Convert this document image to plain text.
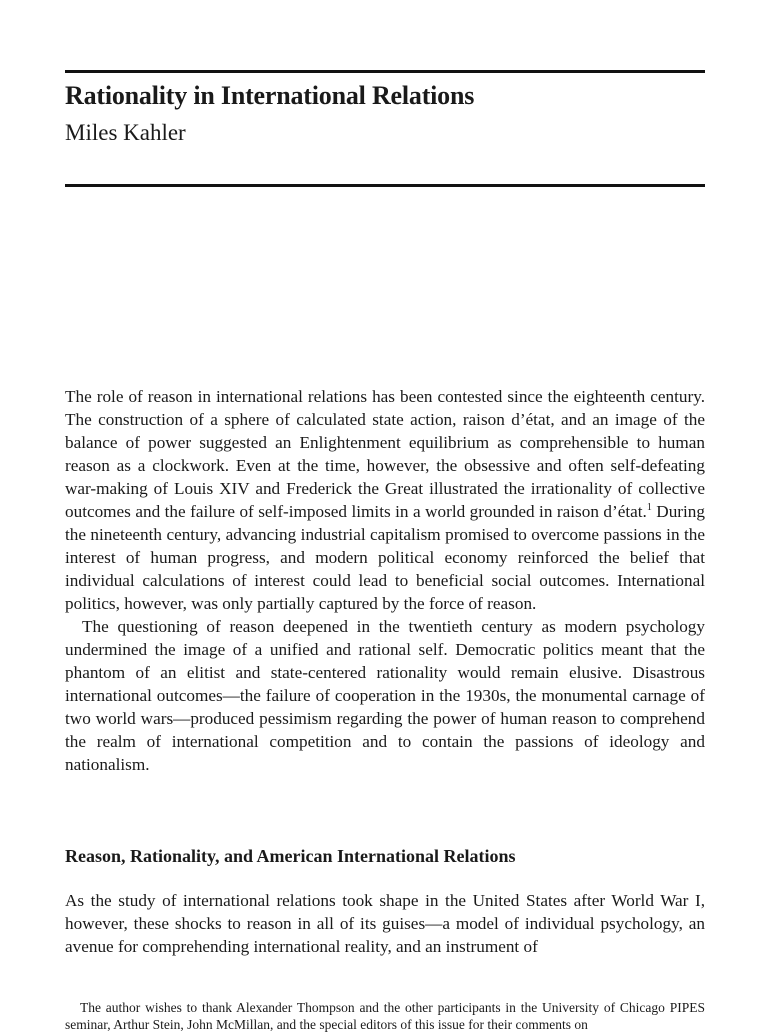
Rationality in International Relations
Miles Kahler

The role of reason in international relations has been contested since the eighteenth century. The construction of a sphere of calculated state action, raison d’état, and an image of the balance of power suggested an Enlightenment equilibrium as comprehensible to human reason as a clockwork. Even at the time, however, the obsessive and often self-defeating war-making of Louis XIV and Frederick the Great illustrated the irrationality of collective outcomes and the failure of self-imposed limits in a world grounded in raison d’état.$^1$ During the nineteenth century, advancing industrial capitalism promised to overcome passions in the interest of human progress, and modern political economy reinforced the belief that individual calculations of interest could lead to beneficial social outcomes. International politics, however, was only partially captured by the force of reason.

The questioning of reason deepened in the twentieth century as modern psychology undermined the image of a unified and rational self. Democratic politics meant that the phantom of an elitist and state-centered rationality would remain elusive. Disastrous international outcomes—the failure of cooperation in the 1930s, the monumental carnage of two world wars—produced pessimism regarding the power of human reason to comprehend the realm of international competition and to contain the passions of ideology and nationalism.

Reason, Rationality, and American International Relations
As the study of international relations took shape in the United States after World War I, however, these shocks to reason in all of its guises—a model of individual psychology, an avenue for comprehending international reality, and an instrument of
The author wishes to thank Alexander Thompson and the other participants in the University of Chicago PIPES seminar, Arthur Stein, John McMillan, and the special editors of this issue for their comments on
